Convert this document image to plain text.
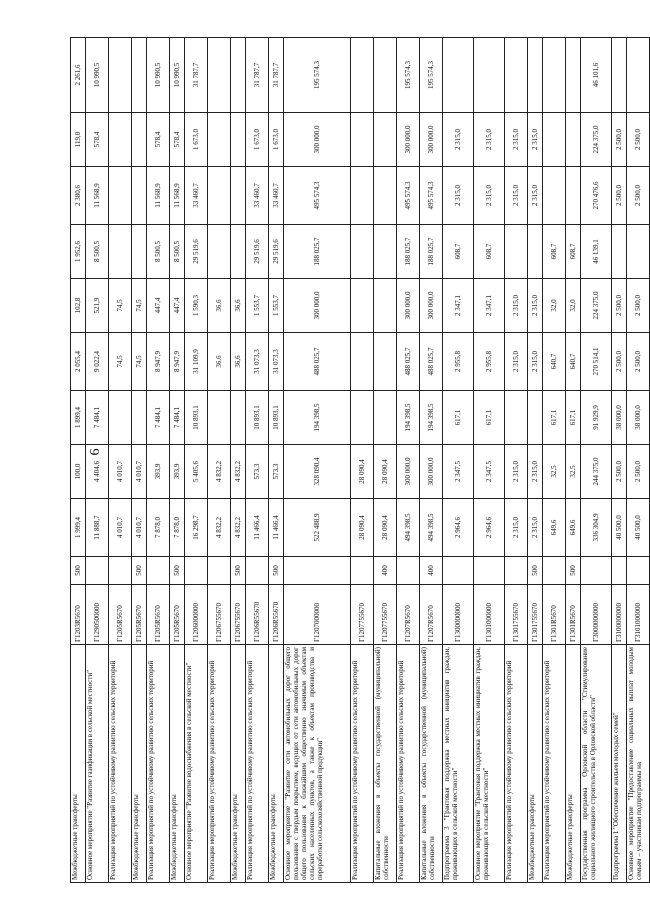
6
Межбюджетные трансферты	Г1203R5670	500	1 999,4	100,0	1 899,4	2 055,4	102,8	1 952,6	2 380,6	119,0	2 261,6
Основное мероприятие "Развитие газификации в сельской местности"	Г1290500000		11 888,7	4 404,6	7 484,1	9 022,4	521,9	8 500,5	11 568,9	578,4	10 990,5
Реализация мероприятий по устойчивому развитию сельских территорий	Г1205R5670		4 010,7	4 010,7		74,5	74,5				
Межбюджетные трансферты	Г1205R5670	500	4 010,7	4 010,7		74,5	74,5				
Реализация мероприятий по устойчивому развитию сельских территорий	Г1205R5670		7 878,0	393,9	7 484,1	8 947,9	447,4	8 500,5	11 568,9	578,4	10 990,5
Межбюджетные трансферты	Г1205R5670	500	7 878,0	393,9	7 484,1	8 947,9	447,4	8 500,5	11 568,9	578,4	10 990,5
Основное мероприятие "Развитие водоснабжения в сельской местности"	Г1206000000		16 298,7	5 405,6	10 893,1	31 109,9	1 590,3	29 519,6	33 460,7	1 673,0	31 787,7
Реализация мероприятий по устойчивому развитию сельских территорий	Г1206755670		4 832,2	4 832,2		36,6	36,6				
Межбюджетные трансферты	Г1206755670	500	4 832,2	4 832,2		36,6	36,6				
Реализация мероприятий по устойчивому развитию сельских территорий	Г1206R55670		11 466,4	573,3	10 893,1	31 073,3	1 553,7	29 519,6	33 460,7	1 673,0	31 787,7
Межбюджетные трансферты	Г1206R55670	500	11 466,4	573,3	10 893,1	31 073,3	1 553,7	29 519,6	33 460,7	1 673,0	31 787,7
Основное мероприятие "Развитие сети автомобильных дорог общего пользования с твердым покрытием, ведущих от сети автомобильных дорог общего пользования к ближайшим общественно значимым объектам сельских населенных пунктов, а также к объектам производства и переработки сельскохозяйственной продукции"	Г1207000000		522 488,9	328 090,4	194 398,5	488 025,7	300 000,0	188 025,7	495 574,3	300 000,0	195 574,3
Реализация мероприятий по устойчивому развитию сельских территорий	Г1207755670		28 090,4	28 090,4							
Капитальные вложения в объекты государственной (муниципальной) собственности	Г1207755670	400	28 090,4	28 090,4							
Реализация мероприятий по устойчивому развитию сельских территорий	Г1207R5670		494 398,5	300 000,0	194 398,5	488 025,7	300 000,0	188 025,7	495 574,3	300 000,0	195 574,3
Капитальные вложения в объекты государственной (муниципальной) собственности	Г1207R5670	400	494 398,5	300 000,0	194 398,5	488 025,7	300 000,0	188 025,7	495 574,3	300 000,0	195 574,3
Подпрограмма 3 "Грантовая поддержка местных инициатив граждан, проживающих в сельской местности"	Г1300000000		2 964,6	2 347,5	617,1	2 955,8	2 347,1	608,7	2 315,0	2 315,0	
Основное мероприятие "Грантовая поддержка местных инициатив граждан, проживающих в сельской местности"	Г1301000000		2 964,6	2 347,5	617,1	2 955,8	2 347,1	608,7	2 315,0	2 315,0	
Реализация мероприятий по устойчивому развитию сельских территорий	Г1301755670		2 315,0	2 315,0		2 315,0	2 315,0		2 315,0	2 315,0	
Межбюджетные трансферты	Г1301755670	500	2 315,0	2 315,0		2 315,0	2 315,0		2 315,0	2 315,0	
Реализация мероприятий по устойчивому развитию сельских территорий	Г1301R5670		649,6	32,5	617,1	640,7	32,0	608,7			
Межбюджетные трансферты	Г1301R5670	500	649,6	32,5	617,1	640,7	32,0	608,7			
Государственная программа Орловской области "Стимулирование социального жилищного строительства в Орловской области"	Г3000000000		336 304,9	244 375,0	91 929,9	270 514,1	224 375,0	46 139,1	270 476,6	224 375,0	46 101,6
Подпрограмма 1 "Обеспечение жильем молодых семей"	Г3100000000		40 500,0	2 500,0	38 000,0	2 500,0	2 500,0		2 500,0	2 500,0	
Основное мероприятие "Предоставление социальных выплат молодым семьям – участникам подпрограммы на	Г3101000000		40 500,0	2 500,0	38 000,0	2 500,0	2 500,0		2 500,0	2 500,0	
